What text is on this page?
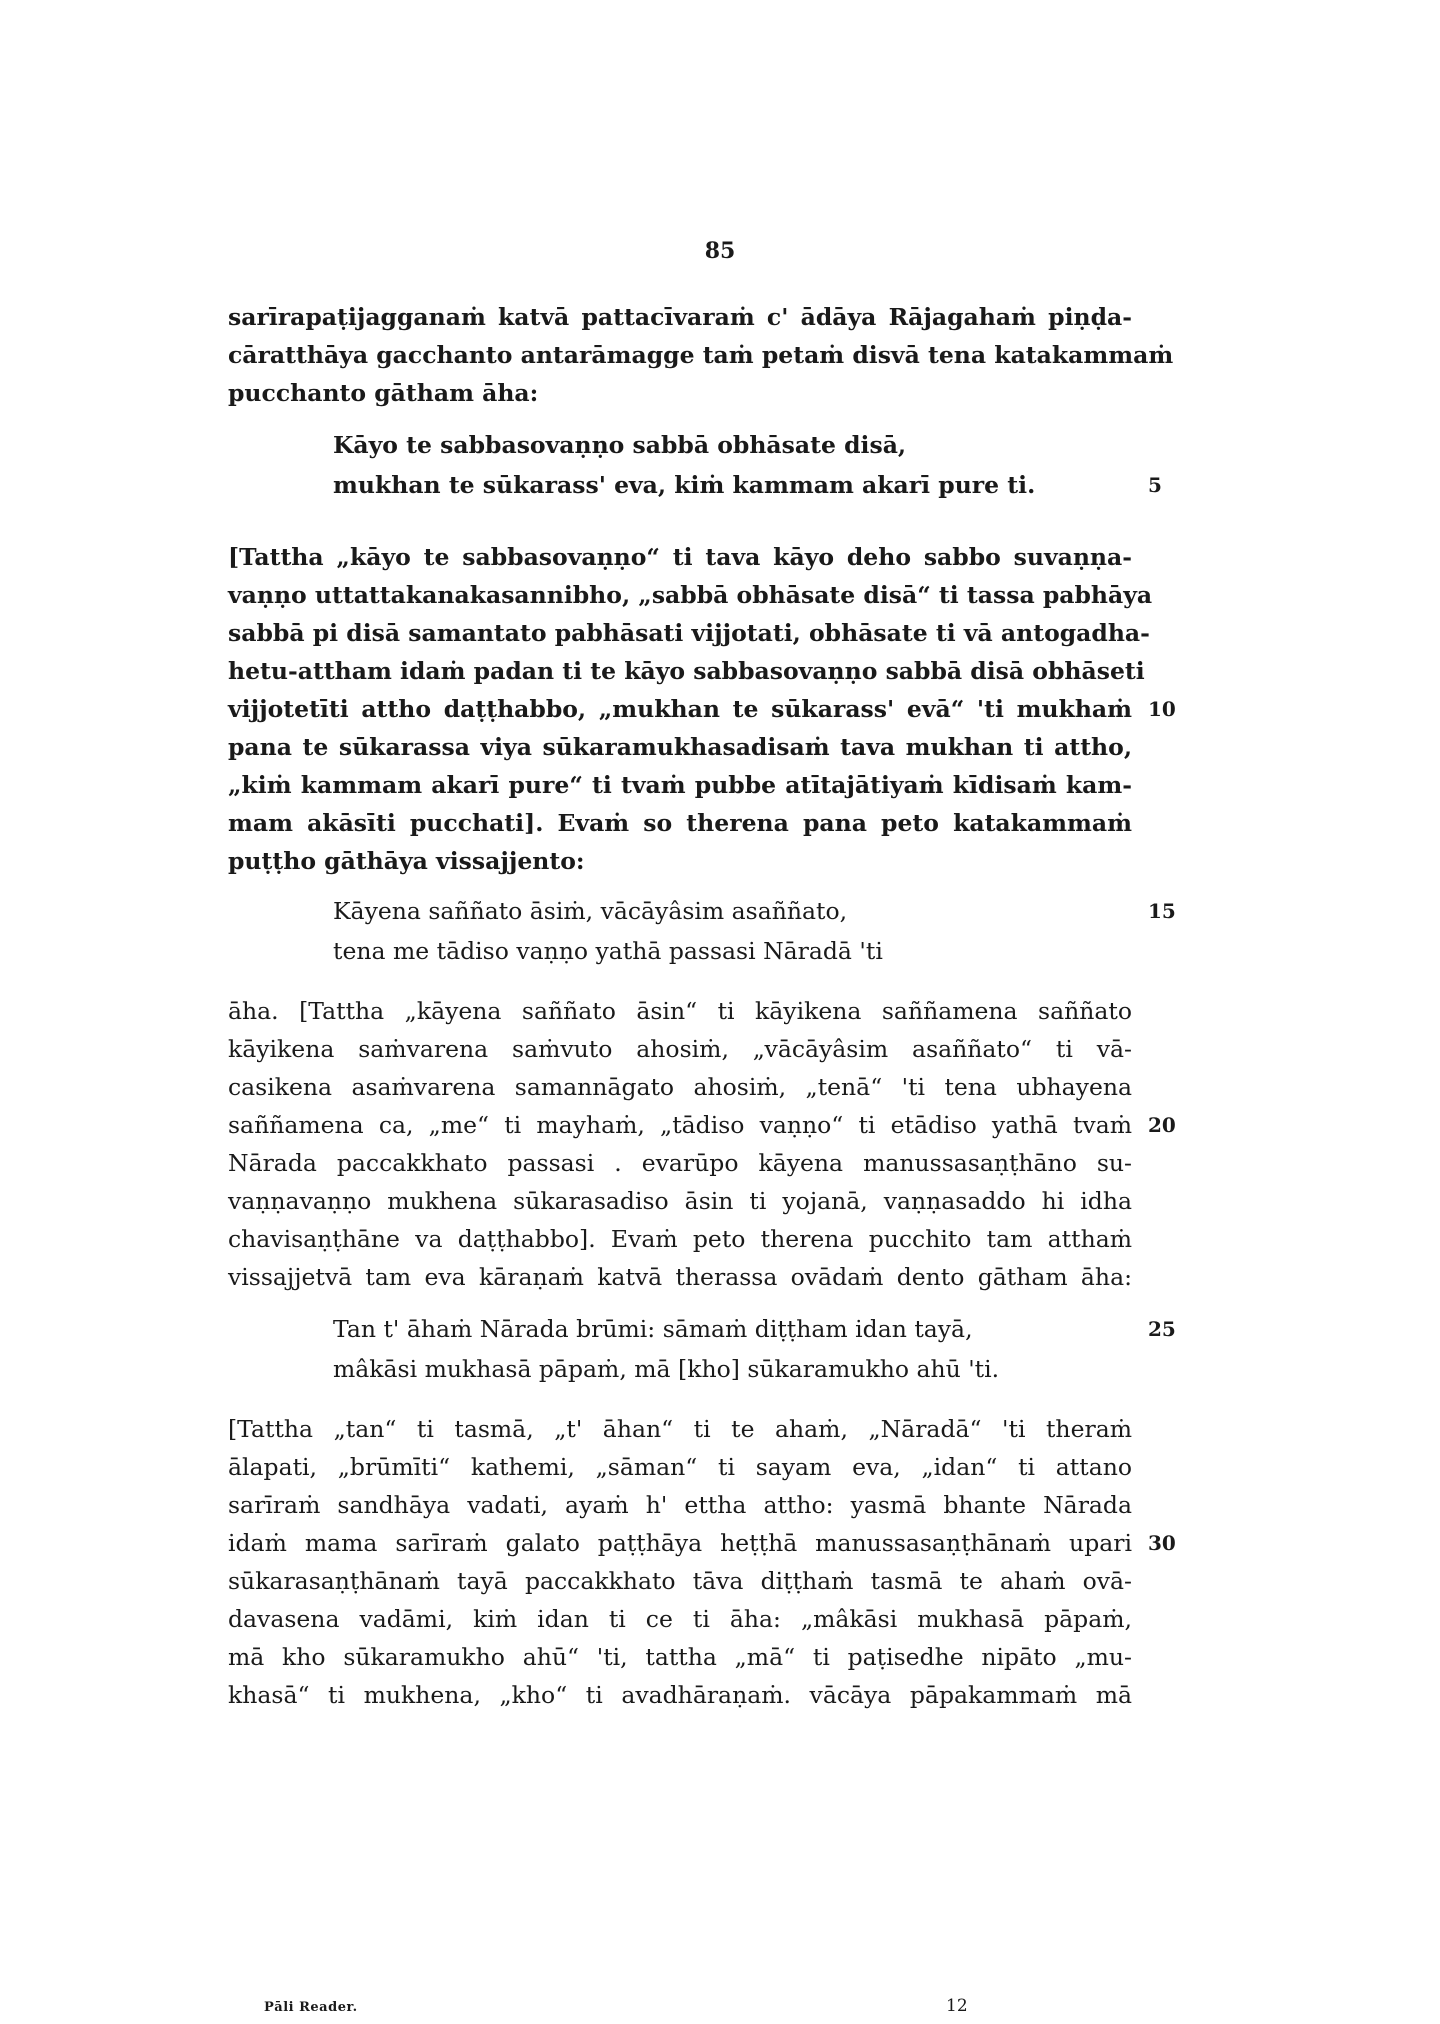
85
sarīrapaṭijagganaṁ katvā pattacīvaraṁ c' ādāya Rājagahaṁ piṇḍa-
cāratthāya gacchanto antarāmagge taṁ petaṁ disvā tena katakammaṁ
pucchanto gātham āha:
Kāyo te sabbasovaṇṇo sabbā obhāsate disā,
mukhan te sūkarass' eva, kiṁ kammam akarī pure ti.
[Tattha „kāyo te sabbasovaṇṇo“ ti tava kāyo deho sabbo suvaṇṇa-
vaṇṇo uttattakanakasannibho, „sabbā obhāsate disā“ ti tassa pabhāya
sabbā pi disā samantato pabhāsati vijjotati, obhāsate ti vā antogadha-
hetu-attham idaṁ padan ti te kāyo sabbasovaṇṇo sabbā disā obhāseti
vijjotetīti attho daṭṭhabbo, „mukhan te sūkarass' evā“ 'ti mukhaṁ
pana te sūkarassa viya sūkaramukhasadisaṁ tava mukhan ti attho,
„kiṁ kammam akarī pure“ ti tvaṁ pubbe atītajātiyaṁ kīdisaṁ kam-
mam akāsīti pucchati]. Evaṁ so therena pana peto katakammaṁ
puṭṭho gāthāya vissajjento:
Kāyena saññato āsiṁ, vācāyâsim asaññato,
tena me tādiso vaṇṇo yathā passasi Nāradā 'ti
āha. [Tattha „kāyena saññato āsin“ ti kāyikena saññamena saññato
kāyikena saṁvarena saṁvuto ahosiṁ, „vācāyâsim asaññato“ ti vā-
casikena asaṁvarena samannāgato ahosiṁ, „tenā“ 'ti tena ubhayena
saññamena ca, „me“ ti mayhaṁ, „tādiso vaṇṇo“ ti etādiso yathā tvaṁ
Nārada paccakkhato passasi . evarūpo kāyena manussasaṇṭhāno su-
vaṇṇavaṇṇo mukhena sūkarasadiso āsin ti yojanā, vaṇṇasaddo hi idha
chavisaṇṭhāne va daṭṭhabbo]. Evaṁ peto therena pucchito tam atthaṁ
vissajjetvā tam eva kāraṇaṁ katvā therassa ovādaṁ dento gātham āha:
Tan t' āhaṁ Nārada brūmi: sāmaṁ diṭṭham idan tayā,
mâkāsi mukhasā pāpaṁ, mā [kho] sūkaramukho ahū 'ti.
[Tattha „tan“ ti tasmā, „t' āhan“ ti te ahaṁ, „Nāradā“ 'ti theraṁ
ālapati, „brūmīti“ kathemi, „sāman“ ti sayam eva, „idan“ ti attano
sarīraṁ sandhāya vadati, ayaṁ h' ettha attho: yasmā bhante Nārada
idaṁ mama sarīraṁ galato paṭṭhāya heṭṭhā manussasaṇṭhānaṁ upari
sūkarasaṇṭhānaṁ tayā paccakkhato tāva diṭṭhaṁ tasmā te ahaṁ ovā-
davasena vadāmi, kiṁ idan ti ce ti āha: „mâkāsi mukhasā pāpaṁ,
mā kho sūkaramukho ahū“ 'ti, tattha „mā“ ti paṭisedhe nipāto „mu-
khasā“ ti mukhena, „kho“ ti avadhāraṇaṁ. vācāya pāpakammaṁ mā
5
10
15
20
25
30
Pāli Reader.	12
